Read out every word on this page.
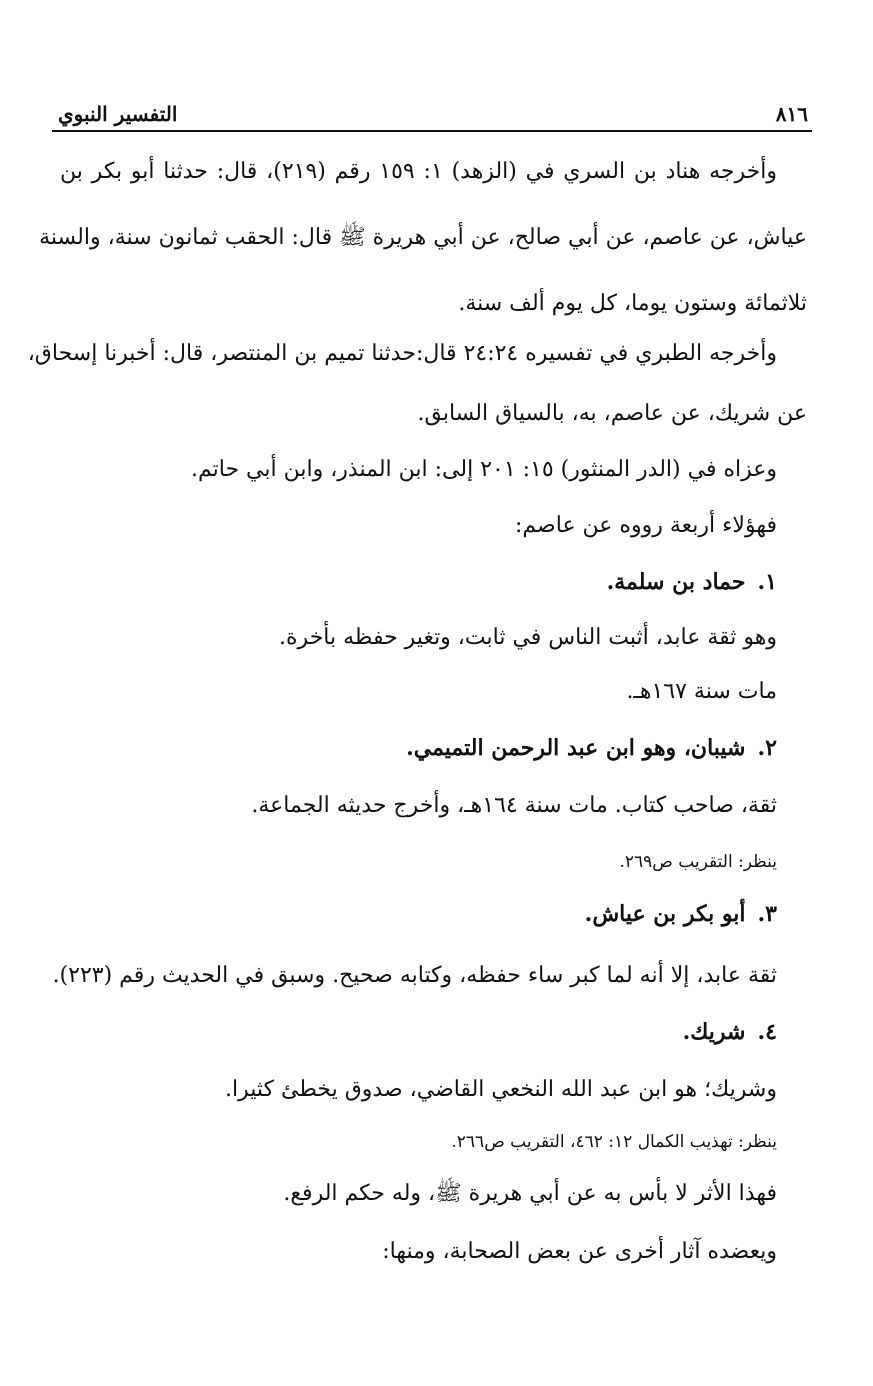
٨١٦
التفسير النبوي
وأخرجه هناد بن السري في (الزهد) ١: ١٥٩ رقم (٢١٩)، قال: حدثنا أبو بكر بن
عياش، عن عاصم، عن أبي صالح، عن أبي هريرة ﷺ قال: الحقب ثمانون سنة، والسنة
ثلاثمائة وستون يوما، كل يوم ألف سنة.
وأخرجه الطبري في تفسيره ٢٤:٢٤ قال:حدثنا تميم بن المنتصر، قال: أخبرنا إسحاق،
عن شريك، عن عاصم، به، بالسياق السابق.
وعزاه في (الدر المنثور) ١٥: ٢٠١ إلى: ابن المنذر، وابن أبي حاتم.
فهؤلاء أربعة رووه عن عاصم:
١.حماد بن سلمة.
وهو ثقة عابد، أثبت الناس في ثابت، وتغير حفظه بأخرة.
مات سنة ١٦٧هـ.
٢.شيبان، وهو ابن عبد الرحمن التميمي.
ثقة، صاحب كتاب. مات سنة ١٦٤هـ، وأخرج حديثه الجماعة.
ينظر: التقريب ص٢٦٩.
٣.أبو بكر بن عياش.
ثقة عابد، إلا أنه لما كبر ساء حفظه، وكتابه صحيح. وسبق في الحديث رقم (٢٢٣).
٤.شريك.
وشريك؛ هو ابن عبد الله النخعي القاضي، صدوق يخطئ كثيرا.
ينظر: تهذيب الكمال ١٢: ٤٦٢، التقريب ص٢٦٦.
فهذا الأثر لا بأس به عن أبي هريرة ﷺ، وله حكم الرفع.
ويعضده آثار أخرى عن بعض الصحابة، ومنها:
